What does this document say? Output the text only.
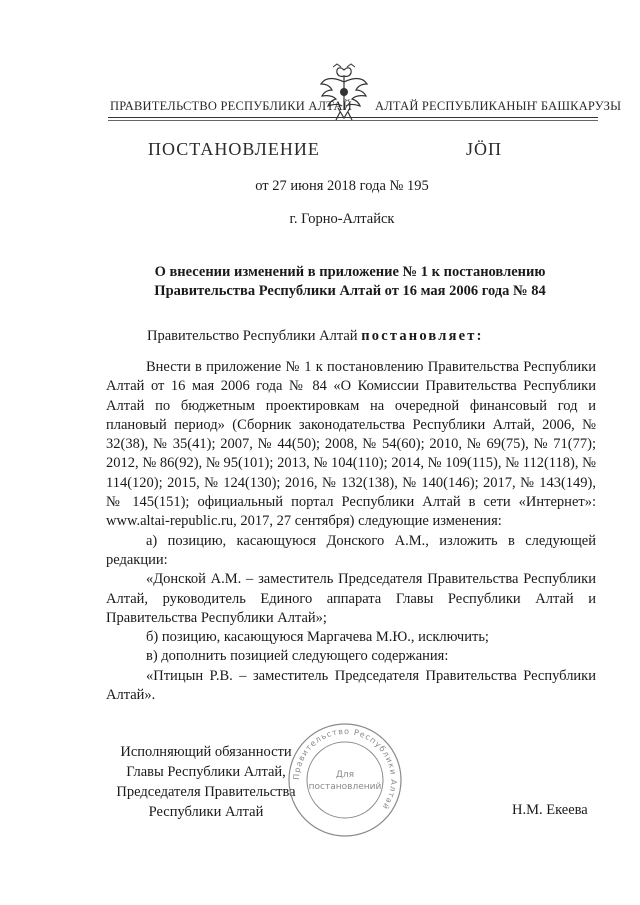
ПРАВИТЕЛЬСТВО РЕСПУБЛИКИ АЛТАЙ АЛТАЙ РЕСПУБЛИКАНЫҤ БАШКАРУЗЫ
ПОСТАНОВЛЕНИЕ	ЈӦП
от 27 июня 2018 года № 195
г. Горно-Алтайск
О внесении изменений в приложение № 1 к постановлению
Правительства Республики Алтай от 16 мая 2006 года № 84
Правительство Республики Алтай постановляет:

Внести в приложение № 1 к постановлению Правительства Республики Алтай от 16 мая 2006 года № 84 «О Комиссии Правительства Республики Алтай по бюджетным проектировкам на очередной финансовый год и плановый период» (Сборник законодательства Республики Алтай, 2006, № 32(38), № 35(41); 2007, № 44(50); 2008, № 54(60); 2010, № 69(75), № 71(77); 2012, № 86(92), № 95(101); 2013, № 104(110); 2014, № 109(115), № 112(118), № 114(120); 2015, № 124(130); 2016, № 132(138), № 140(146); 2017, № 143(149), № 145(151); официальный портал Республики Алтай в сети «Интернет»: www.altai-republic.ru, 2017, 27 сентября) следующие изменения:

а) позицию, касающуюся Донского А.М., изложить в следующей редакции:

«Донской А.М. – заместитель Председателя Правительства Республики Алтай, руководитель Единого аппарата Главы Республики Алтай и Правительства Республики Алтай»;

б) позицию, касающуюся Маргачева М.Ю., исключить;

в) дополнить позицией следующего содержания:

«Птицын Р.В. – заместитель Председателя Правительства Республики Алтай».

Исполняющий обязанности
Главы Республики Алтай,
Председателя Правительства
Республики Алтай	Н.М. Екеева
Правительство Республики Алтай
Для
постановлений
